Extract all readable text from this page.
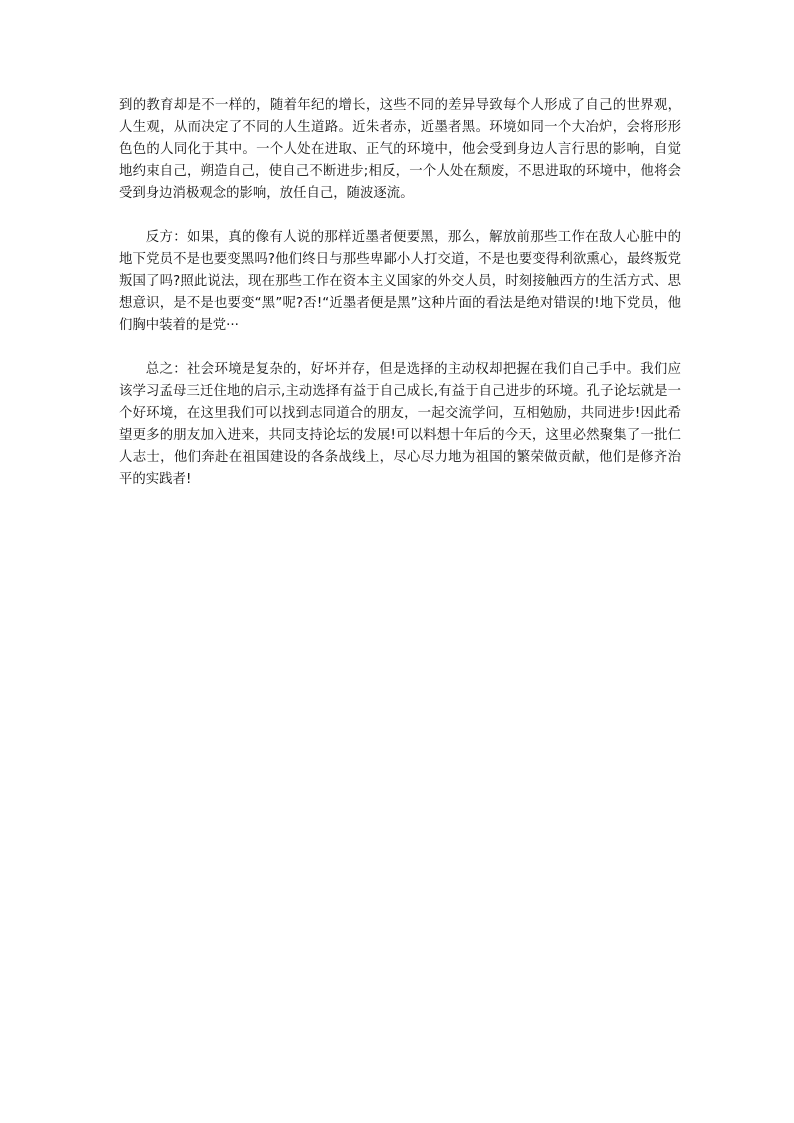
到的教育却是不一样的，随着年纪的增长，这些不同的差异导致每个人形成了自己的世界观，人生观，从而决定了不同的人生道路。近朱者赤，近墨者黑。环境如同一个大冶炉，会将形形色色的人同化于其中。一个人处在进取、正气的环境中，他会受到身边人言行思的影响，自觉地约束自己，朔造自己，使自己不断进步;相反，一个人处在颓废，不思进取的环境中，他将会受到身边消极观念的影响，放任自己，随波逐流。

反方：如果，真的像有人说的那样近墨者便要黑，那么，解放前那些工作在敌人心脏中的地下党员不是也要变黑吗?他们终日与那些卑鄙小人打交道，不是也要变得利欲熏心，最终叛党叛国了吗?照此说法，现在那些工作在资本主义国家的外交人员，时刻接触西方的生活方式、思想意识，是不是也要变“黑”呢?否!“近墨者便是黑”这种片面的看法是绝对错误的!地下党员，他们胸中装着的是党···

总之：社会环境是复杂的，好坏并存，但是选择的主动权却把握在我们自己手中。我们应该学习孟母三迁住地的启示,主动选择有益于自己成长,有益于自己进步的环境。孔子论坛就是一个好环境，在这里我们可以找到志同道合的朋友，一起交流学问，互相勉励，共同进步!因此希望更多的朋友加入进来，共同支持论坛的发展!可以料想十年后的今天，这里必然聚集了一批仁人志士，他们奔赴在祖国建设的各条战线上，尽心尽力地为祖国的繁荣做贡献，他们是修齐治平的实践者!
